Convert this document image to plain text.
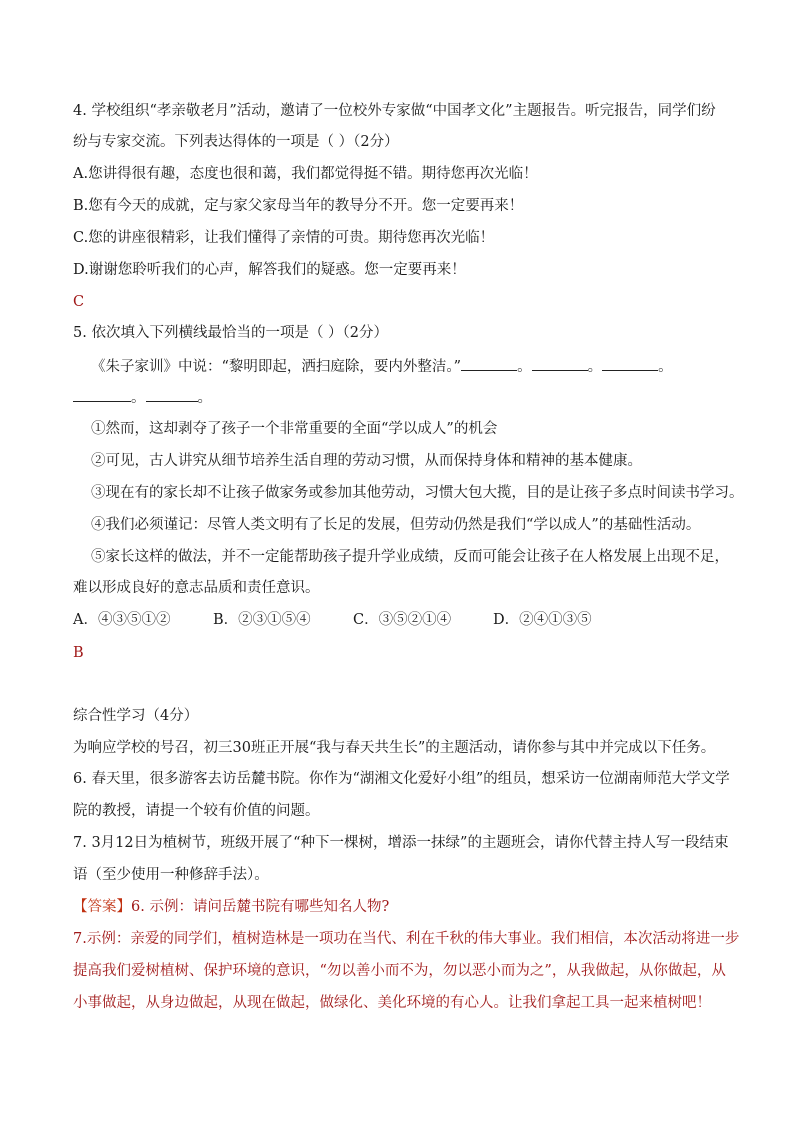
4. 学校组织“孝亲敬老月”活动，邀请了一位校外专家做“中国孝文化”主题报告。听完报告，同学们纷
纷与专家交流。下列表达得体的一项是（ ）（2分）
A.您讲得很有趣，态度也很和蔼，我们都觉得挺不错。期待您再次光临！
B.您有今天的成就，定与家父家母当年的教导分不开。您一定要再来！
C.您的讲座很精彩，让我们懂得了亲情的可贵。期待您再次光临！
D.谢谢您聆听我们的心声，解答我们的疑惑。您一定要再来！
C
5. 依次填入下列横线最恰当的一项是（ ）（2分）
《朱子家训》中说：“黎明即起，洒扫庭除，要内外整洁。”	。	。	。
。	。
①然而，这却剥夺了孩子一个非常重要的全面“学以成人”的机会
②可见，古人讲究从细节培养生活自理的劳动习惯，从而保持身体和精神的基本健康。
③现在有的家长却不让孩子做家务或参加其他劳动，习惯大包大揽，目的是让孩子多点时间读书学习。
④我们必须谨记：尽管人类文明有了长足的发展，但劳动仍然是我们“学以成人”的基础性活动。
⑤家长这样的做法，并不一定能帮助孩子提升学业成绩，反而可能会让孩子在人格发展上出现不足，
难以形成良好的意志品质和责任意识。
A．④③⑤①②	B．②③①⑤④	C．③⑤②①④	D．②④①③⑤
B
综合性学习（4分）
为响应学校的号召，初三30班正开展“我与春天共生长”的主题活动，请你参与其中并完成以下任务。
6. 春天里，很多游客去访岳麓书院。你作为“湖湘文化爱好小组”的组员，想采访一位湖南师范大学文学
院的教授，请提一个较有价值的问题。
7. 3月12日为植树节，班级开展了“种下一棵树，增添一抹绿”的主题班会，请你代替主持人写一段结束
语（至少使用一种修辞手法）。
【答案】6. 示例：请问岳麓书院有哪些知名人物?
7.示例：亲爱的同学们，植树造林是一项功在当代、利在千秋的伟大事业。我们相信，本次活动将进一步
提高我们爱树植树、保护环境的意识，“勿以善小而不为，勿以恶小而为之”，从我做起，从你做起，从
小事做起，从身边做起，从现在做起，做绿化、美化环境的有心人。让我们拿起工具一起来植树吧！
